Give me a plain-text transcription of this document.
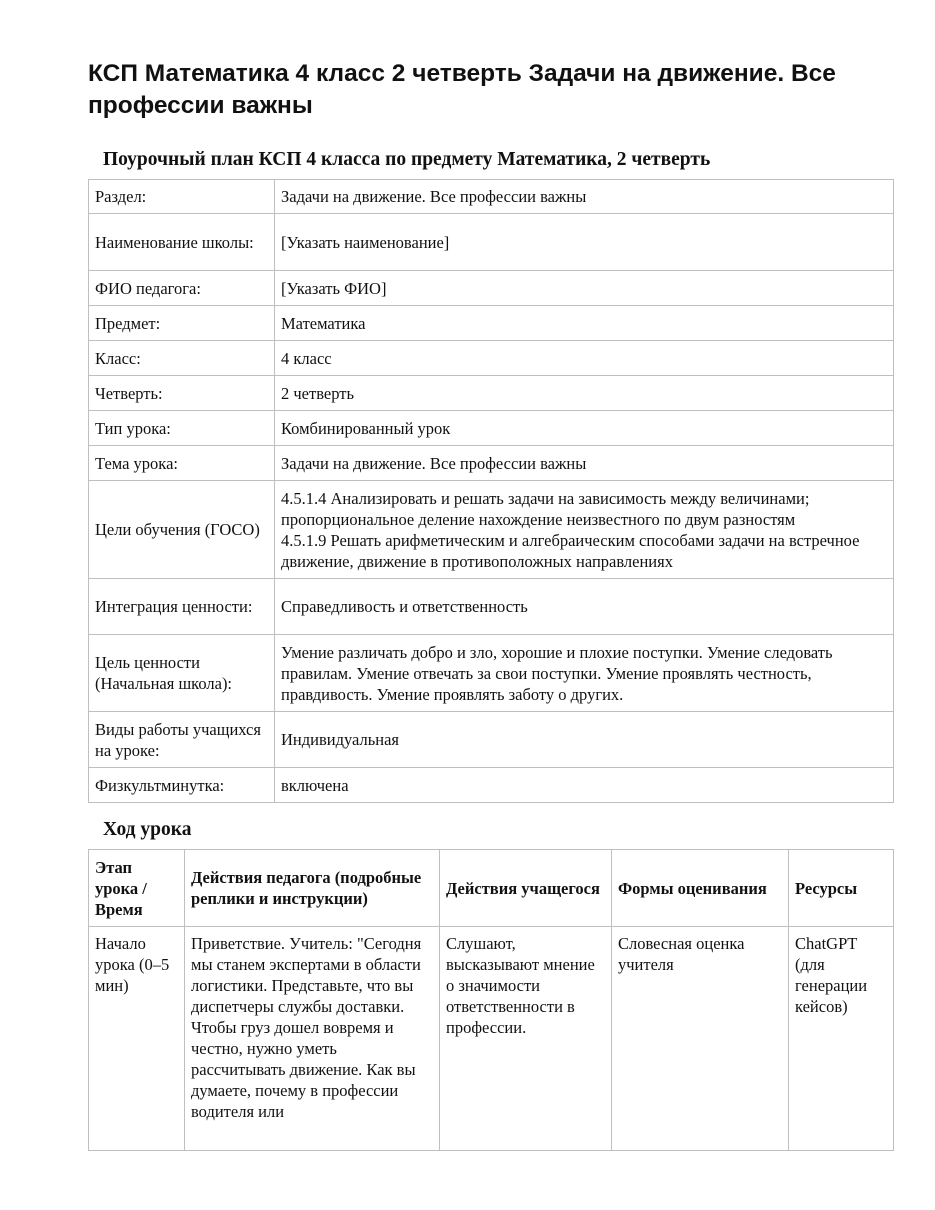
КСП Математика 4 класс 2 четверть Задачи на движение. Все профессии важны
Поурочный план КСП 4 класса по предмету Математика, 2 четверть
Раздел:	Задачи на движение. Все профессии важны
Наименование школы:	[Указать наименование]
ФИО педагога:	[Указать ФИО]
Предмет:	Математика
Класс:	4 класс
Четверть:	2 четверть
Тип урока:	Комбинированный урок
Тема урока:	Задачи на движение. Все профессии важны
Цели обучения (ГОСО)	4.5.1.4 Анализировать и решать задачи на зависимость между величинами; пропорциональное деление нахождение неизвестного по двум разностям
4.5.1.9 Решать арифметическим и алгебраическим способами задачи на встречное движение, движение в противоположных направлениях
Интеграция ценности:	Справедливость и ответственность
Цель ценности (Начальная школа):	Умение различать добро и зло, хорошие и плохие поступки. Умение следовать правилам. Умение отвечать за свои поступки. Умение проявлять честность, правдивость. Умение проявлять заботу о других.
Виды работы учащихся на уроке:	Индивидуальная
Физкультминутка:	включена
Ход урока
Этап урока / Время	Действия педагога (подробные реплики и инструкции)	Действия учащегося	Формы оценивания	Ресурсы
Начало урока (0–5 мин)	Приветствие. Учитель: "Сегодня мы станем экспертами в области логистики. Представьте, что вы диспетчеры службы доставки. Чтобы груз дошел вовремя и честно, нужно уметь рассчитывать движение. Как вы думаете, почему в профессии водителя или	Слушают, высказывают мнение о значимости ответственности в профессии.	Словесная оценка учителя	ChatGPT (для генерации кейсов)
